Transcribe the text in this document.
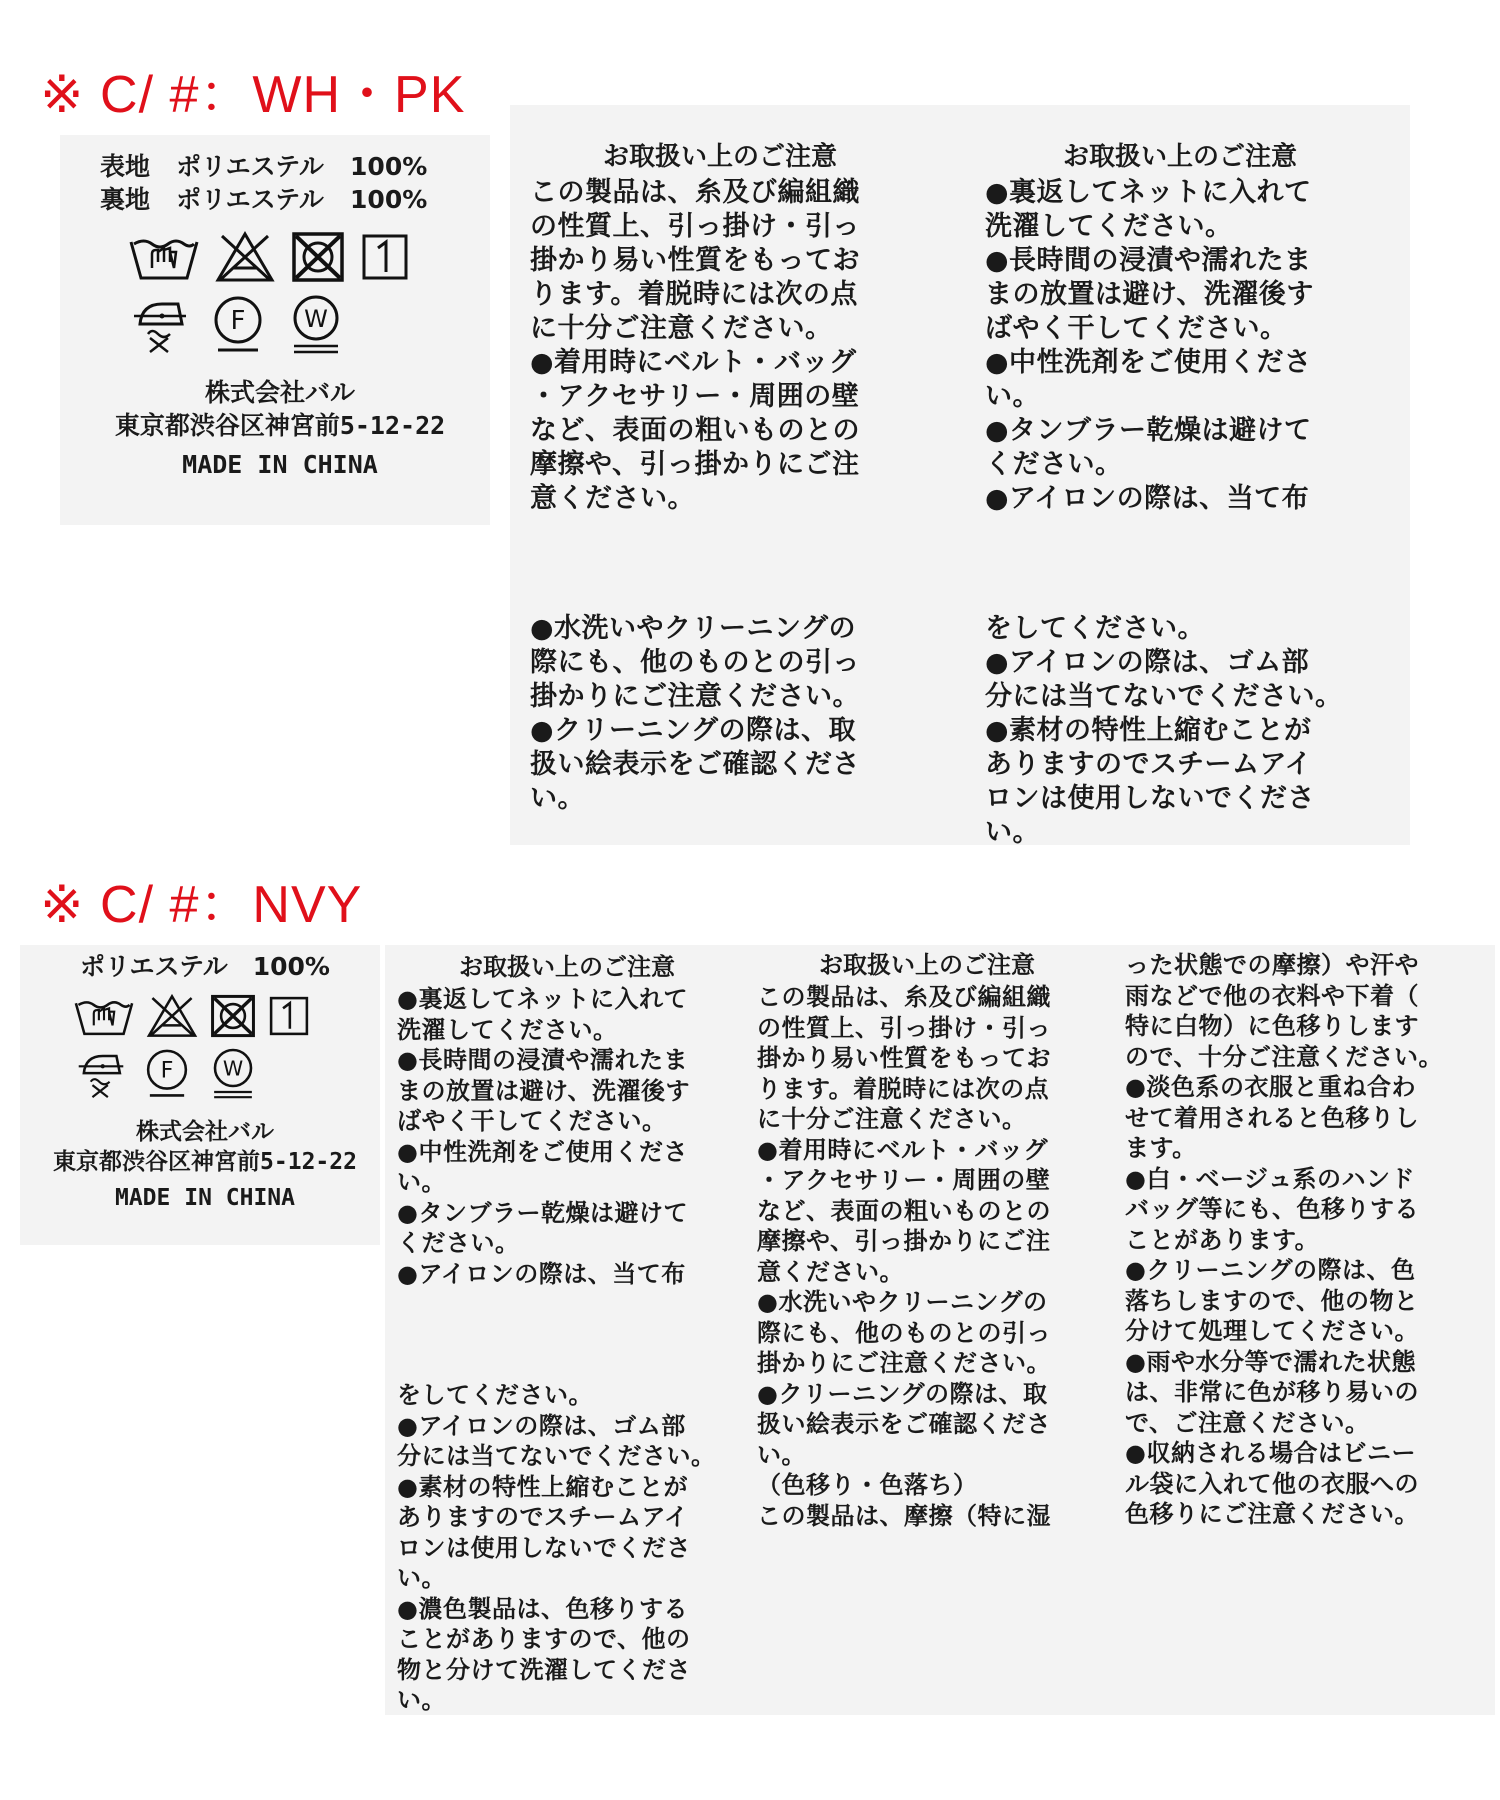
※ C/ #：WH・PK
表地 ポリエステル 100%
裏地 ポリエステル 100%
F W
株式会社バル
東京都渋谷区神宮前5-12-22
MADE IN CHINA
お取扱い上のご注意
この製品は、糸及び編組織
の性質上、引っ掛け・引っ
掛かり易い性質をもってお
ります。着脱時には次の点
に十分ご注意ください。
●着用時にベルト・バッグ
・アクセサリー・周囲の壁
など、表面の粗いものとの
摩擦や、引っ掛かりにご注
意ください。
お取扱い上のご注意
●裏返してネットに入れて
洗濯してください。
●長時間の浸漬や濡れたま
まの放置は避け、洗濯後す
ばやく干してください。
●中性洗剤をご使用くださ
い。
●タンブラー乾燥は避けて
ください。
●アイロンの際は、当て布
●水洗いやクリーニングの
際にも、他のものとの引っ
掛かりにご注意ください。
●クリーニングの際は、取
扱い絵表示をご確認くださ
い。
をしてください。
●アイロンの際は、ゴム部
分には当てないでください。
●素材の特性上縮むことが
ありますのでスチームアイ
ロンは使用しないでくださ
い。
※ C/ #：NVY
ポリエステル　100%
F W
株式会社バル
東京都渋谷区神宮前5-12-22
MADE IN CHINA
お取扱い上のご注意
●裏返してネットに入れて
洗濯してください。
●長時間の浸漬や濡れたま
まの放置は避け、洗濯後す
ばやく干してください。
●中性洗剤をご使用くださ
い。
●タンブラー乾燥は避けて
ください。
●アイロンの際は、当て布
をしてください。
●アイロンの際は、ゴム部
分には当てないでください。
●素材の特性上縮むことが
ありますのでスチームアイ
ロンは使用しないでくださ
い。
●濃色製品は、色移りする
ことがありますので、他の
物と分けて洗濯してくださ
い。
お取扱い上のご注意
この製品は、糸及び編組織
の性質上、引っ掛け・引っ
掛かり易い性質をもってお
ります。着脱時には次の点
に十分ご注意ください。
●着用時にベルト・バッグ
・アクセサリー・周囲の壁
など、表面の粗いものとの
摩擦や、引っ掛かりにご注
意ください。
●水洗いやクリーニングの
際にも、他のものとの引っ
掛かりにご注意ください。
●クリーニングの際は、取
扱い絵表示をご確認くださ
い。
（色移り・色落ち）
この製品は、摩擦（特に湿
った状態での摩擦）や汗や
雨などで他の衣料や下着（
特に白物）に色移りします
ので、十分ご注意ください。
●淡色系の衣服と重ね合わ
せて着用されると色移りし
ます。
●白・ベージュ系のハンド
バッグ等にも、色移りする
ことがあります。
●クリーニングの際は、色
落ちしますので、他の物と
分けて処理してください。
●雨や水分等で濡れた状態
は、非常に色が移り易いの
で、ご注意ください。
●収納される場合はビニー
ル袋に入れて他の衣服への
色移りにご注意ください。
